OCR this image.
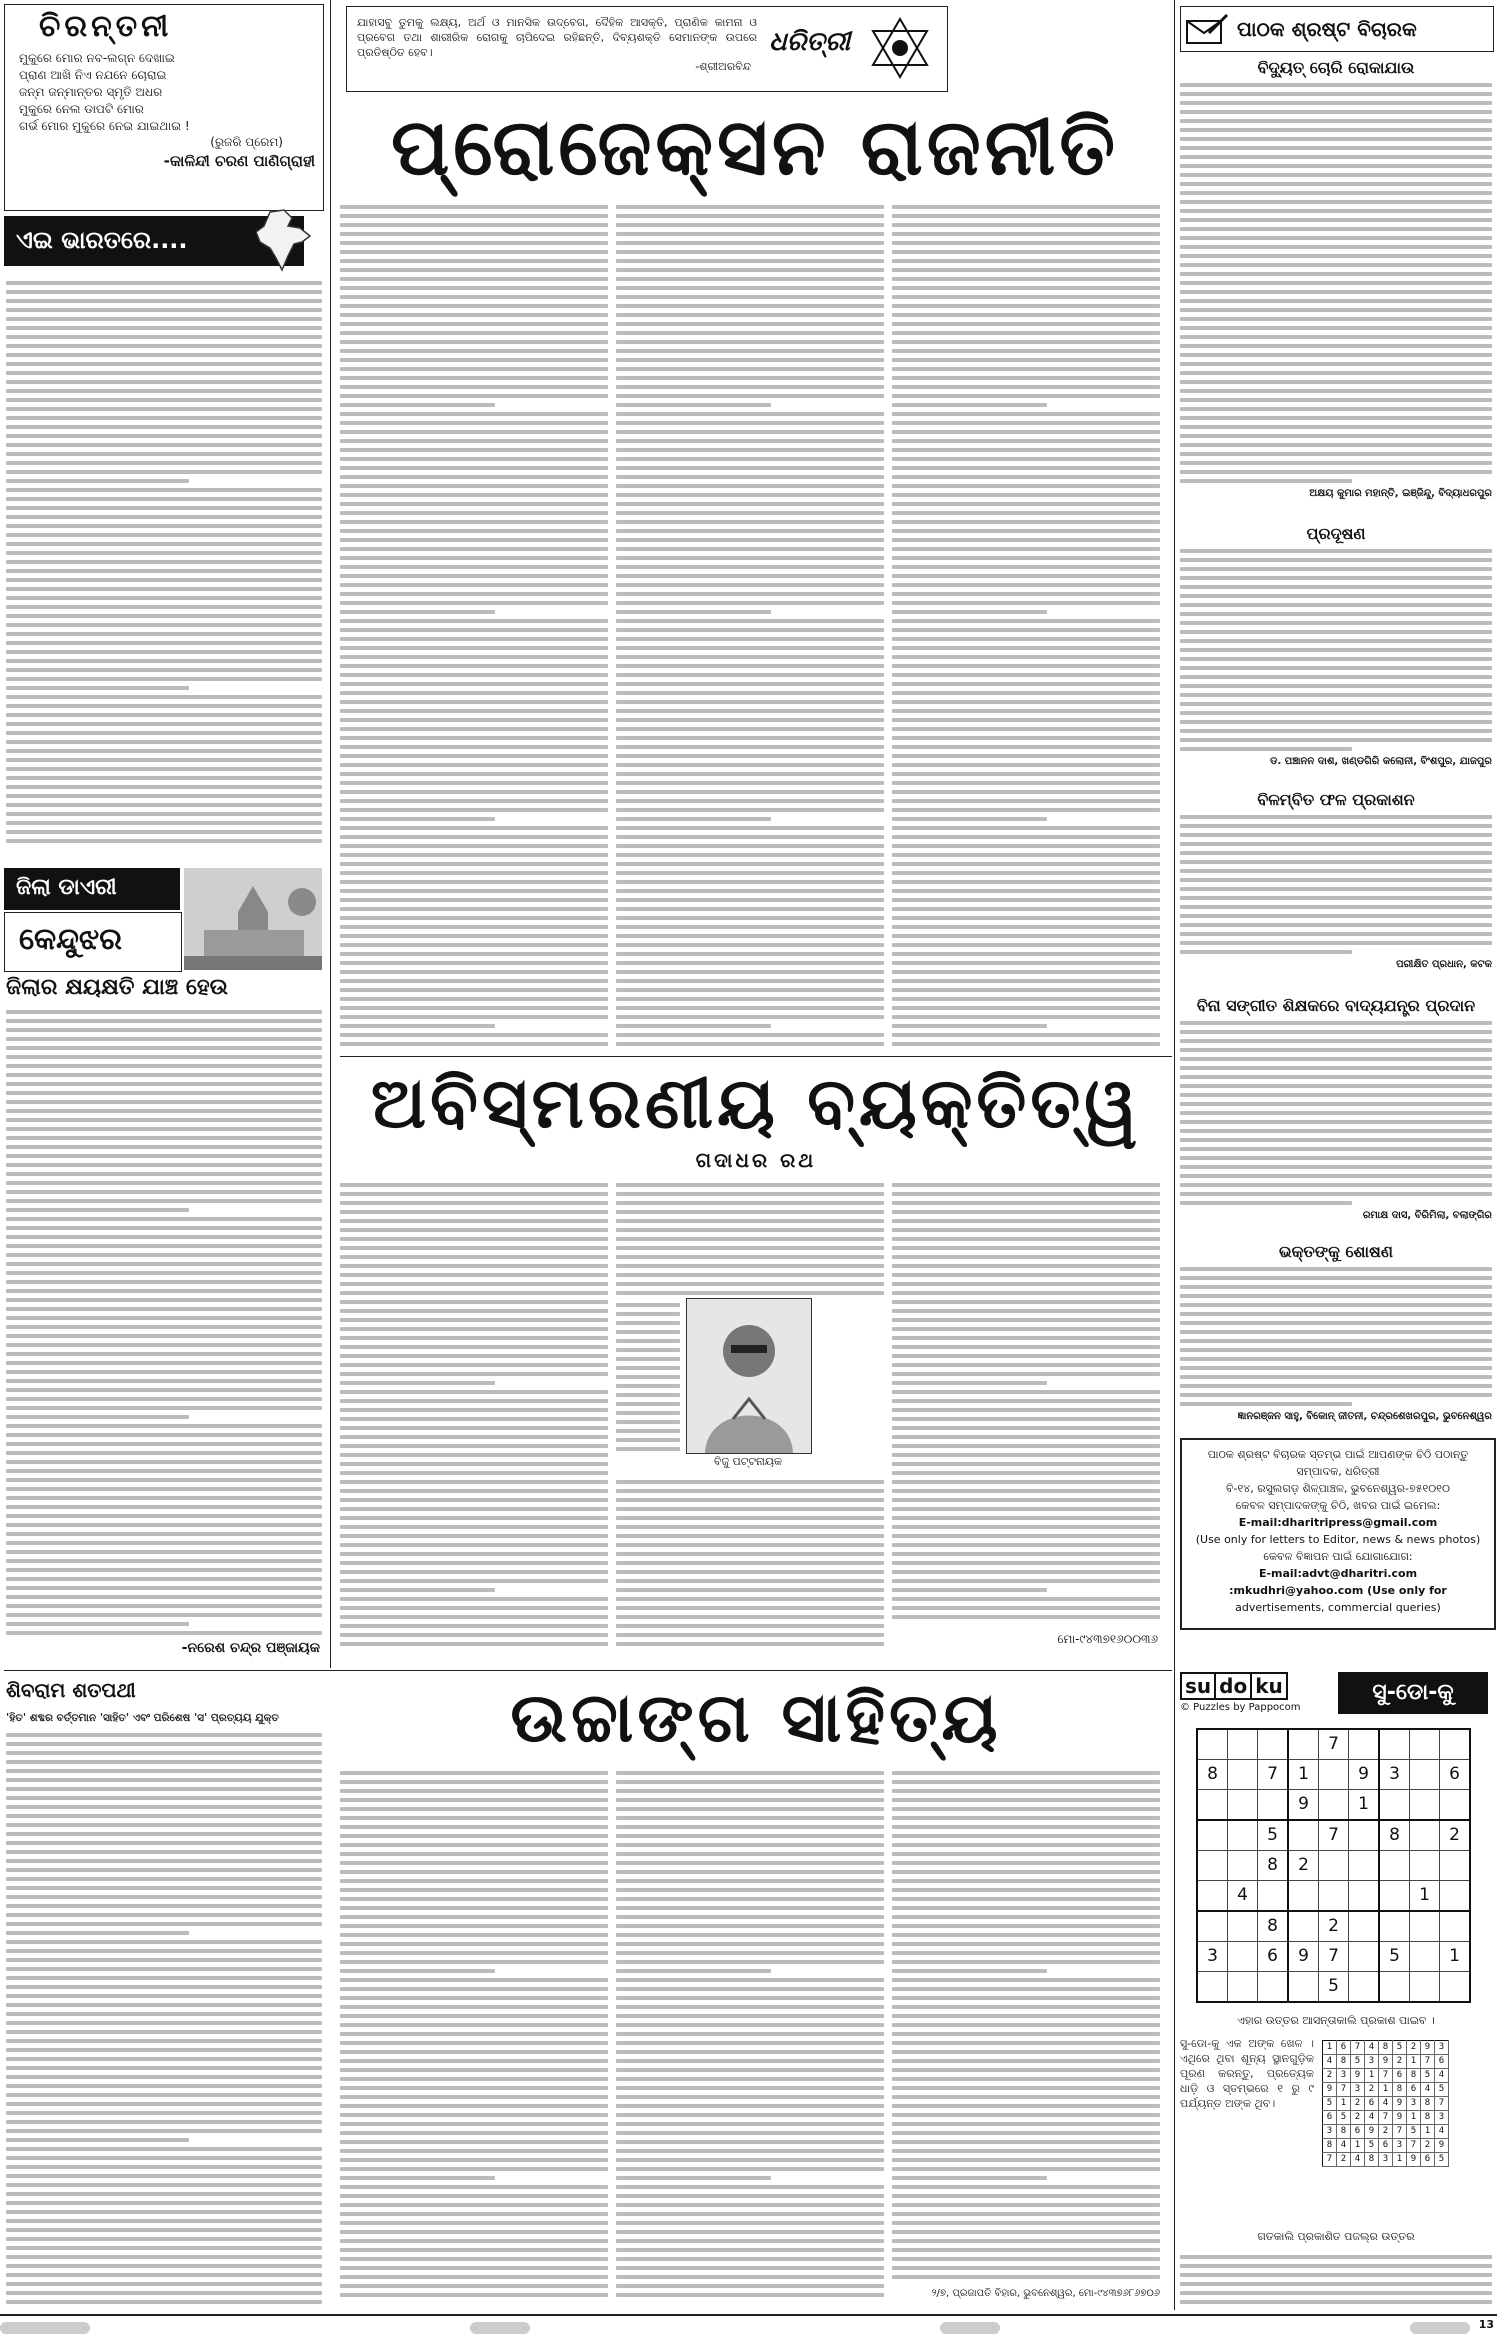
ଚିରନ୍ତନୀ
ମୁକୁରେ ମୋର ନବ-ଲଗ୍ନ ଦେଖାଇ
ପ୍ରାଣ ଆଖି ନିଏ ନଯନେ ଚୋରାଇ
ଜନ୍ମ ଜନ୍ମାନ୍ତର ସ୍ମୃତି ଅଧର
ମୁକୁରେ ନେଲ ଡାପଟି ମୋର
ଗର୍ଭ ମୋର ମୁକୁରେ ନେଇ ଯାଇଥାଇ !
(ରୁଜରି ପ୍ରେମ)
-କାଳିନ୍ଦୀ ଚରଣ ପାଣିଗ୍ରାହୀ
ଏଇ ଭାରତରେ....
ଜିଲା ଡାଏରୀ
କେନ୍ଦୁଝର
ଜିଲାର କ୍ଷୟକ୍ଷତି ଯାଞ୍ଚ ହେଉ
-ନରେଶ ଚନ୍ଦ୍ର ପଞ୍ଜାୟକ
ଯାହାସବୁ ତୁମକୁ ଲକ୍ଷ୍ୟ, ଅର୍ଥ ଓ ମାନସିକ ଉଦ୍ବେଗ, ଦୈହିକ ଆସକ୍ତି, ପ୍ରାଣିକ କାମନା ଓ ପ୍ରବେଗ ତଥା ଶାରୀରିକ ରୋଗକୁ ଚାପିଦେଇ ରହିଛନ୍ତି, ଦିବ୍ୟଶକ୍ତି ସେମାନଙ୍କ ଉପରେ ପ୍ରତିଷ୍ଠିତ ହେବ।
-ଶ୍ରୀଅରବିନ୍ଦ
ଧରିତ୍ରୀ
ପ୍ରୋଜେକ୍ସନ ରାଜନୀତି
ଅବିସ୍ମରଣୀୟ ବ୍ୟକ୍ତିତ୍ୱ
ଗଦାଧର ରଥ
ବିଜୁ ପଟ୍ଟନାୟକ
ମୋ-୯୪୩୭୧୬୦୦୩୬
ପାଠକ ଶ୍ରଷ୍ଟ ବିଚାରକ
ବିଦ୍ୟୁତ୍ ଚୋରି ରୋକାଯାଉ
ଅକ୍ଷୟ କୁମାର ମହାନ୍ତି, ଇଞ୍ଜିନ୍ଦୁ, ବିଦ୍ୟାଧରପୁର
ପ୍ରଦୂଷଣ
ଡ. ପଞ୍ଚାନନ ଦାଶ, ଖଣ୍ଡଗିରି କଲୋନୀ, ବିଂଶପୁର, ଯାଜପୁର
ବିଳମ୍ବିତ ଫଳ ପ୍ରକାଶନ
ପରୀକ୍ଷିତ ପ୍ରଧାନ, କଟକ
ବିନା ସଙ୍ଗୀତ ଶିକ୍ଷକରେ ବାଦ୍ୟଯନ୍ତ୍ର ପ୍ରଦାନ
ରମାକ୍ଷ ଦାସ, ବିରିମିଲା, ବଲାଙ୍ଗିର
ଭକ୍ତଙ୍କୁ ଶୋଷଣ
ଜ୍ଞାନରଞ୍ଜନ ସାହୁ, ବିକୋନ୍ ଜୀତନୀ, ଚନ୍ଦ୍ରଶେଖରପୁର, ଭୁବନେଶ୍ୱର
ପାଠକ ଶ୍ରଷ୍ଟ ବିଚାରକ ସ୍ତମ୍ଭ ପାଇଁ ଆପଣଙ୍କ ଚିଠି ପଠାନ୍ତୁ
ସମ୍ପାଦକ, ଧରିତ୍ରୀ
ବି-୧୪, ରସୁଲଗଡ଼ ଶିଳ୍ପାଞ୍ଚଳ, ଭୁବନେଶ୍ୱର-୭୫୧୦୧୦
କେବଳ ସମ୍ପାଦକଙ୍କୁ ଚିଠି, ଖବର ପାଇଁ ଇମେଲ:
E-mail:dharitripress@gmail.com
(Use only for letters to Editor, news & news photos)
କେବଳ ବିଜ୍ଞାପନ ପାଇଁ ଯୋଗାଯୋଗ:
E-mail:advt@dharitri.com
:mkudhri@yahoo.com (Use only for
advertisements, commercial queries)
su do ku
© Puzzles by Pappocom
ସୁ-ଡୋ-କୁ
				7				
8		7	1		9	3		6
			9		1			
		5		7		8		2
		8	2					
	4						1	
		8		2				
3		6	9	7		5		1
				5				
ଏହାର ଉତ୍ତର ଆସନ୍ତାକାଲି ପ୍ରକାଶ ପାଇବ ।
ସୁ-ଡୋ-କୁ ଏକ ଅଙ୍କ ଖେଳ । ଏଥିରେ ଥିବା ଶୂନ୍ୟ ସ୍ଥାନଗୁଡ଼ିକ ପୂରଣ କରନ୍ତୁ, ପ୍ରତ୍ୟେକ ଧାଡ଼ି ଓ ସ୍ତମ୍ଭରେ ୧ ରୁ ୯ ପର୍ଯ୍ୟନ୍ତ ଅଙ୍କ ଥିବ।
1	6	7	4	8	5	2	9	3
4	8	5	3	9	2	1	7	6
2	3	9	1	7	6	8	5	4
9	7	3	2	1	8	6	4	5
5	1	2	6	4	9	3	8	7
6	5	2	4	7	9	1	8	3
3	8	6	9	2	7	5	1	4
8	4	1	5	6	3	7	2	9
7	2	4	8	3	1	9	6	5
ଗତକାଲି ପ୍ରକାଶିତ ପଜଲ୍‌ର ଉତ୍ତର
ଶିବରାମ ଶତପଥୀ	ଉଚ୍ଚାଙ୍ଗ ସାହିତ୍ୟ
'ହିତ' ଶବ୍ଦର ବର୍ତ୍ତମାନ 'ସାହିତ' ଏବଂ ପରିଶେଷ 'ସ' ପ୍ରତ୍ୟୟ ଯୁକ୍ତ
୨/୭, ପ୍ରଜାପତି ବିହାର, ଭୁବନେଶ୍ୱର, ମୋ-୯୪୩୭୬୮୬୭୦୬
13
